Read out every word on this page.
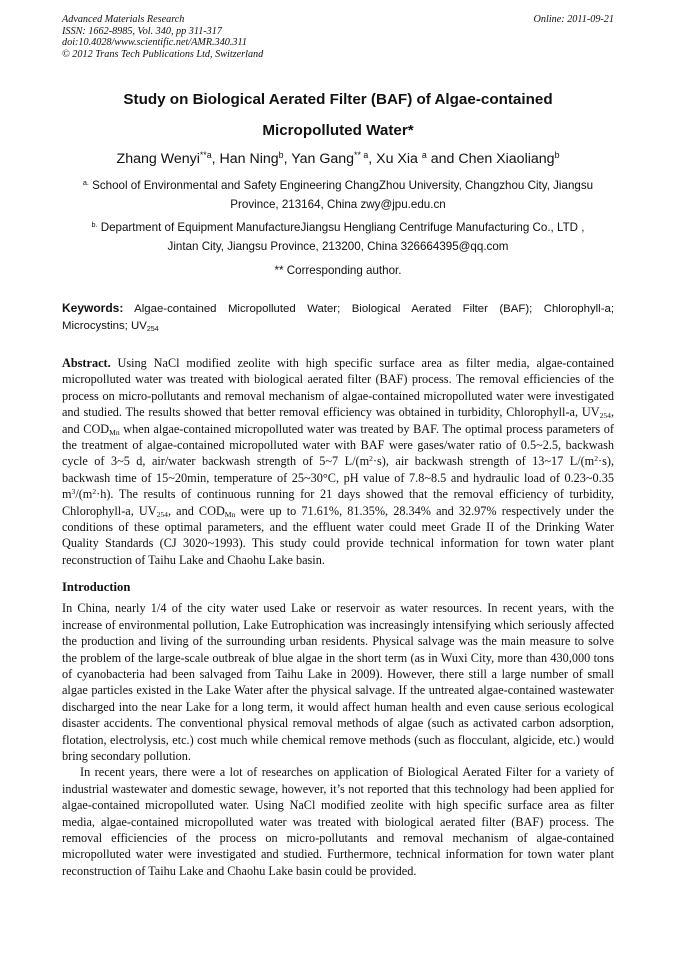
Advanced Materials Research
ISSN: 1662-8985, Vol. 340, pp 311-317
doi:10.4028/www.scientific.net/AMR.340.311
© 2012 Trans Tech Publications Ltd, Switzerland
Online: 2011-09-21
Study on Biological Aerated Filter (BAF) of Algae-contained
Micropolluted Water*
Zhang Wenyi$^{**a}$, Han Ning$^b$, Yan Gang$^{** a}$, Xu Xia $^a$ and Chen Xiaoliang$^b$
$^{a.}$ School of Environmental and Safety Engineering ChangZhou University, Changzhou City, Jiangsu
Province, 213164, China zwy@jpu.edu.cn
$^{b.}$ Department of Equipment ManufactureJiangsu Hengliang Centrifuge Manufacturing Co., LTD ,
Jintan City, Jiangsu Province, 213200, China 326664395@qq.com
** Corresponding author.
Keywords: Algae-contained Micropolluted Water; Biological Aerated Filter (BAF); Chlorophyll-a; Microcystins; $UV_{254}$
Abstract. Using NaCl modified zeolite with high specific surface area as filter media, algae-contained micropolluted water was treated with biological aerated filter (BAF) process. The removal efficiencies of the process on micro-pollutants and removal mechanism of algae-contained micropolluted water were investigated and studied. The results showed that better removal efficiency was obtained in turbidity, Chlorophyll-a, $UV_{254}$, and $COD_{Mn}$ when algae-contained micropolluted water was treated by BAF. The optimal process parameters of the treatment of algae-contained micropolluted water with BAF were gases/water ratio of 0.5~2.5, backwash cycle of 3~5 d, air/water backwash strength of 5~7 $L/(m^2\cdot s)$, air backwash strength of 13~17 $L/(m^2\cdot s)$, backwash time of 15~20min, temperature of 25~30°C, pH value of 7.8~8.5 and hydraulic load of 0.23~0.35 $m^3/(m^2\cdot h)$. The results of continuous running for 21 days showed that the removal efficiency of turbidity, Chlorophyll-a, $UV_{254}$, and $COD_{Mn}$ were up to 71.61%, 81.35%, 28.34% and 32.97% respectively under the conditions of these optimal parameters, and the effluent water could meet Grade II of the Drinking Water Quality Standards (CJ 3020~1993). This study could provide technical information for town water plant reconstruction of Taihu Lake and Chaohu Lake basin.
Introduction
In China, nearly 1/4 of the city water used Lake or reservoir as water resources. In recent years, with the increase of environmental pollution, Lake Eutrophication was increasingly intensifying which seriously affected the production and living of the surrounding urban residents. Physical salvage was the main measure to solve the problem of the large-scale outbreak of blue algae in the short term (as in Wuxi City, more than 430,000 tons of cyanobacteria had been salvaged from Taihu Lake in 2009). However, there still a large number of small algae particles existed in the Lake Water after the physical salvage. If the untreated algae-contained wastewater discharged into the near Lake for a long term, it would affect human health and even cause serious ecological disaster accidents. The conventional physical removal methods of algae (such as activated carbon adsorption, flotation, electrolysis, etc.) cost much while chemical remove methods (such as flocculant, algicide, etc.) would bring secondary pollution.
In recent years, there were a lot of researches on application of Biological Aerated Filter for a variety of industrial wastewater and domestic sewage, however, it’s not reported that this technology had been applied for algae-contained micropolluted water. Using NaCl modified zeolite with high specific surface area as filter media, algae-contained micropolluted water was treated with biological aerated filter (BAF) process. The removal efficiencies of the process on micro-pollutants and removal mechanism of algae-contained micropolluted water were investigated and studied. Furthermore, technical information for town water plant reconstruction of Taihu Lake and Chaohu Lake basin could be provided.
